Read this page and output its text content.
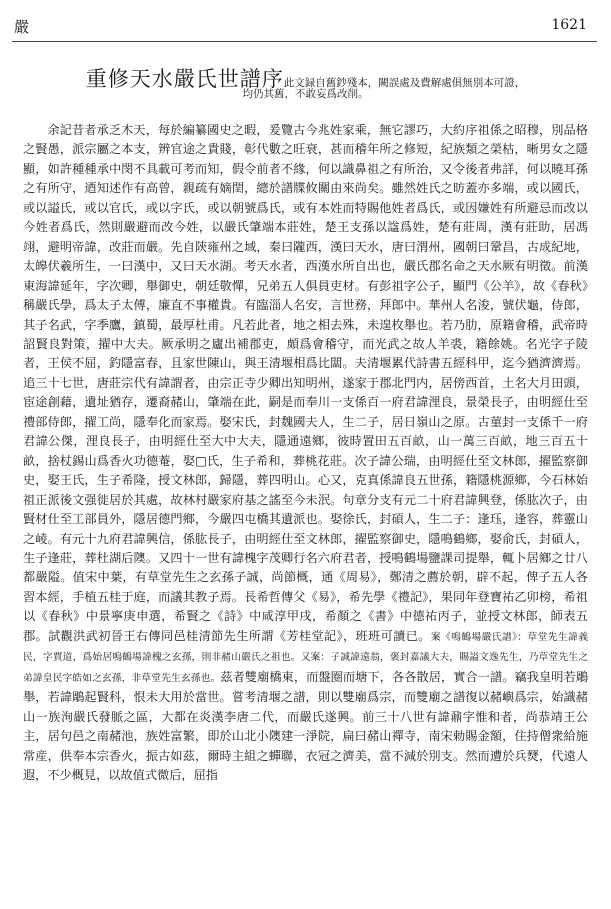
嚴	1621
重修天水嚴氏世譜序此文録自舊鈔殘本，闕誤處及費解處俱無別本可證，
均仍其舊，不敢妄爲改削。

余記昔者承乏木天，每於編纂國史之暇，爰覽古今兆姓家乘，無它謬巧，大約序祖係之昭穆，別品格之賢愚，派宗屬之本支，辨官途之貴賤，彰代數之旺衰，甚而稽年所之修短，紀族類之榮枯，晰男女之隱顯，如許種種承中閔不具載可考而知，假令前者不緣，何以識鼻祖之有所治，又令後者弗詳，何以曉耳孫之有所守，迺知述作有高曾，親疏有嫡閏，總於譜牒攸關由來尚矣。雖然姓氏之昉蓋亦多端，或以國氏，或以謚氏，或以官氏，或以字氏，或以朝號爲氏，或有本姓而特賜他姓者爲氏，或因嫌姓有所避忌而改以今姓者爲氏，然則嚴避而改今姓，以嚴氏肇端本莊姓，楚王支孫以諡爲姓，楚有莊周，漢有莊助，居馮翊，避明帝諱，改莊而嚴。先自陝雍州之域，秦曰隴西，漢曰天水，唐曰渭州，國朝曰鞏昌，古成紀地，太皞伏羲所生，一曰漢中，又曰天水湖。考天水者，西漢水所自出也，嚴氏郡名命之天水厥有明徵。前漢東海諱延年，字次卿，舉御史，朝廷敬憚，兄弟五人俱員吏材。有彭祖字公子，顯門《公羊》，故《春秋》稱嚴氏學，爲太子太傅，廉直不事權貴。有臨淄人名安，言世務，拜郎中。華州人名浚，號伏龜，侍郎，其子名武，字季鷹，鎮蜀，最厚杜甫。凡若此者，地之相去殊，未遑枚舉也。若乃肋，原籍會稽，武帝時詔賢良對策，擢中大夫。厥承明之廬出補郡吏，頗爲會稽守，而光武之故人羊裘，籍餘姚。名光字子陵者，王侯不屈，釣隱富春，且家世陳山，與王清堰相爲比闆。夫清堰累代詩書五經科甲，迄今猶濟濟焉。追三十七世，唐莊宗代有諱謂者，由宗正寺少卿出知明州，遂家于郡北門内，居傍西首，土名大月田頭，宦途創藉，遺址猶存，遷裔赭山，肇端在此，嗣是而奉川一支係百一府君諱浬良，景榮長子，由明經仕至禮部侍郎，擢工尚，隱奉化而家焉。娶宋氏，封魏國夫人，生二子，居日嶺山之原。古菫封一支係千一府君諱公傑，浬良長子，由明經仕至大中大夫，隱通遠鄉，彼時置田五百畝，山一萬三百畝，地三百五十畝，捨杖錫山爲香火功德菴，娶□氏，生子希和，葬桃花莊。次子諱公瑞，由明經仕至文林郎，擢監察御史，娶王氏，生子希隆，授文林郎，歸隱，葬四明山。心又，克真係諱良五世孫，籍隱桃源鄉，今石林始祖正派後文强徙居於其處，故林村嚴家府基之謠至今未泯。句章分支有元二十府君諱興登，係肱次子，由賢材仕至工部員外，隱居德門鄉，今嚴四屯橋其遺派也。娶徐氏，封碩人，生二子：逢珏，逢容，葬靈山之崚。有元十九府君諱興信，係肱長子，由明經仕至文林郎，擢監察御史，隱鳴鶴鄉，娶俞氏，封碩人，生子逢莊，葬杜湖后隩。又四十一世有諱槐字茂卿行名六府君者，授鳴鶴場鹽課司提舉，輒卜居鄉之廿八都嚴隘。值宋中葉，有草堂先生之玄孫子誠，尚節概，通《周易》，鄭清之薦於朝，辟不起，俾子五人各習本經，手植五桂于庭，而議其教子焉。長希哲傳父《易》，希先學《禮記》，果同年登寶祐乙卯榜，希祖以《春秋》中景寧庚申選，希賢之《詩》中咸淳甲戌，希顏之《書》中德祐丙子，並授文林郎，師表五郡。試觀洪武初晉王右傳同邑桂清節先生所謂《芳桂堂記》，班班可讀已。案《鳴鶴場嚴氏譜》：草堂先生諱義民，字賈道，爲始居鳴鶴場諱槐之玄孫，則非赭山嚴氏之祖也。又案：子誠諱遠翁，褒封嘉議大夫，賜謚文逸先生，乃草堂先生之弟諱皇民字皓如之玄孫，非草堂先生玄孫也。茲者雙廟橋東，而盤圈而塘下，各各散居，實合一譜。竊我皇明若鵰舉，若諱鵰起賢科，恨未大用於當世。嘗考清堰之譜，則以雙廟爲宗，而雙廟之譜復以赭嶼爲宗，始識赭山一族洵嚴氏發脈之區，大都在炎漢李唐二代，而嚴氏遂興。前三十八世有諱鼐字惟和者，尚恭靖王公主，居句邑之南赭池，族姓富繁，即於山北小隩建一淨院，扁曰赭山禪寺，南宋勅賜金額，住持僧衆給施常産，供奉本宗香火，振古如茲，爾時主組之蟬聯，衣冠之濟美，當不減於別支。然而遭於兵燹，代遠人遐，不少概見，以故值式微后，屈指
